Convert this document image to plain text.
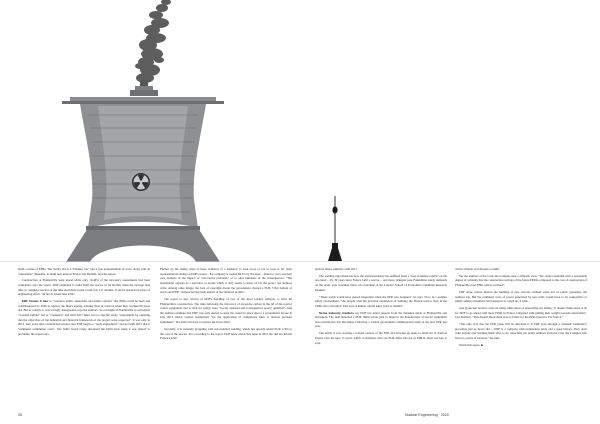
build a series of EPRs. The rivalry led to a "bidding war" and a vast underestimate of costs, along with an "unrealistic" timetable, to build new units in France and Finland, says the report.

Construction at Flamanville went ahead while only 10-40% of the necessary assessments had been completed, says the report. EDF estimated it could build the reactor in 54 months when the average lead time to complete reactors at the time elsewhere in the world was 131 months. It said it needed ten years of engineering effort. "In fact it would take 22m".

EDF knows it has to "convince public authorities and public opinion" that EPRs could be built and commissioned by 2020 to replace the fleet's ageing, existing fleet of reactors when they reached 60 years old. But to comply, it was wrongly disregarded, says the auditors. So oversight at Flamanville as self-styled "accident builder" led to "confusion" and until 2017 there was no specific entity "responsible for ensuring that the objectives of the industrial and financial framework of the project were respected". It was only in 2012, four years after construction started, that EDF began to "track expenditure" and not until 2015 that it "estimated completion costs". The firm's board rarely discussed the build even when it was alerted to problems, the report says.

Further up the ladder, there is more evidence of a tendency to look away or not to look at all. State representatives sitting on EDF's board – the company is owned 84.7% by the state – failed to carry out their own analysis of the impact of "successive problems" or to alert ministers of the consequences. "The shareholder appears as a spectator of events which it only seems to know of via the press", the auditors write. Among other things, the lack of oversight meant the government cleared a EUR 7.5bn bailout of Areva and EDF "without having been alerted of the situation in time".

The report is also critical of EDF's handling of two of the most notable setbacks to have hit Flamanville's construction. The risks following the discovery of excessive carbon in the lid of the reactor vessel, equipment that is vital for safety, were "poorly assessed and consequences poorly qualified". And the auditors estimate that EDF was only alerted to keep the vessel in place due to a government decree in July 2017 which created exemptions "for the application of compliance rules to nuclear pressure equipment". The firm will have to replace the lid in 2024.

Secondly, it is currently grappling with sub-standard welding, which has already added EUR 1.5bn to the cost of the reactor. Yet, according to the report, EDF knew about this issue in 2015 but did not inform France's ASN

nuclear safety authority until 2017.

The welding saga illustrates how the nuclear industry has suffered from a "loss of human capital" on the one hand – it's 30 years since France built a reactor – and more stringent post-Fukushima safety demands on the other, says Jonathan Stern, an economist at the London School of Economics Grantham Research Institute.

"These welds would have passed inspection when the EPR was designed," he says. Now, in a tougher safety environment, "the people with the practical experience of building the French reactor fleet in the 1980s have all retired. This loss of human capital takes years to rebuild".

Some industry insiders say EDF has learnt lessons from the mistakes made at Flamanville and elsewhere. The firm launched a EUR 100m action plan to improve the manufacture of reactor equipment and construction last December following a critical government-commissioned audit of the new EPR last year.

The utility is now treating a revised version of the EPR and drawing up plans to build six of them in France over the next 15 years, which it estimates will cost EUR 46bn. Known as EPR2s, these reactors, it says,

will be simpler and cheaper to build.

Yet the auditors at the Cour des Comptes take a different view. "We cannot establish with a reasonable degree of certainty that the construction savings of the future EPR2s compared to the cost of construction of Flamanville-type EPRs will be realised".

EDF alone cannot finance the building of new reactors without some sort of public guarantee, the auditors say. But the estimated costs of power generated by new units would have to be competitive to justify asking consumers and taxpayers to cough up, it adds.

And given that nuclear costs are rising while those of renewables are falling, "it doesn't make sense at all for EDF to go ahead with more EPRs in France compared with pulling their weight towards renewables", says Ramsay. "This doesn't mean there was no future for the EPR, however. Far from it."

"The only way that the EPR plans will be desolved is if EDF goes through a dramatic bankruptcy procedure just as Areva did ... EDF is a company with tremendous pride and a great history. They don't want anyone else teaching them what to do, especially not pesky auditors from the Cour des Comptes who have no power of sanction," he adds.

Watch this space. ■

26	Nuclear Engineering · 2020
